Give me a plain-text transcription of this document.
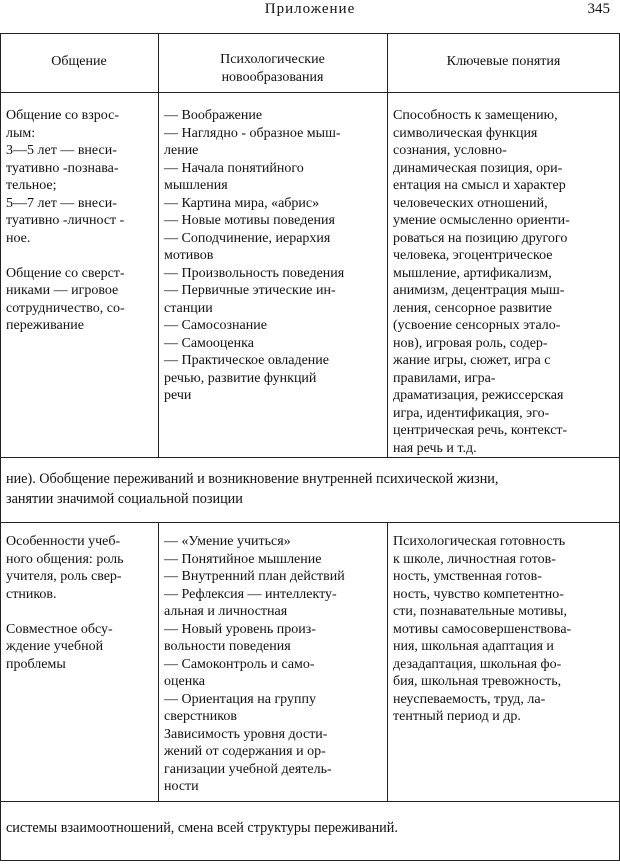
Приложение	345
Общение	Психологические
новообразования
Ключевые понятия
Общение со взрос-
лым:
3—5 лет — внеси-
туативно -познава-
тельное;
5—7 лет — внеси-
туативно -личност -
ное.

Общение со сверст-
никами — игровое
сотрудничество, со-
переживание
— Воображение
— Наглядно - образное мыш-
ление
— Начала понятийного
мышления
— Картина мира, «абрис»
— Новые мотивы поведения
— Соподчинение, иерархия
мотивов
— Произвольность поведения
— Первичные этические ин-
станции
— Самосознание
— Самооценка
— Практическое овладение
речью, развитие функций
речи
Способность к замещению,
символическая функция
сознания, условно-
динамическая позиция, ори-
ентация на смысл и характер
человеческих отношений,
умение осмысленно ориенти-
роваться на позицию другого
человека, эгоцентрическое
мышление, артификализм,
анимизм, децентрация мыш-
ления, сенсорное развитие
(усвоение сенсорных этало-
нов), игровая роль, содер-
жание игры, сюжет, игра с
правилами, игра-
драматизация, режиссерская
игра, идентификация, эго-
центрическая речь, контекст-
ная речь и т.д.
ние). Обобщение переживаний и возникновение внутренней психической жизни,
занятии значимой социальной позиции
Особенности учеб-
ного общения: роль
учителя, роль свер-
стников.

Совместное обсу-
ждение учебной
проблемы
— «Умение учиться»
— Понятийное мышление
— Внутренний план действий
— Рефлексия — интеллекту-
альная и личностная
— Новый уровень произ-
вольности поведения
— Самоконтроль и само-
оценка
— Ориентация на группу
сверстников
Зависимость уровня дости-
жений от содержания и ор-
ганизации учебной деятель-
ности
Психологическая готовность
к школе, личностная готов-
ность, умственная готов-
ность, чувство компетентно-
сти, познавательные мотивы,
мотивы самосовершенствова-
ния, школьная адаптация и
дезадаптация, школьная фо-
бия, школьная тревожность,
неуспеваемость, труд, ла-
тентный период и др.
системы взаимоотношений, смена всей структуры переживаний.
